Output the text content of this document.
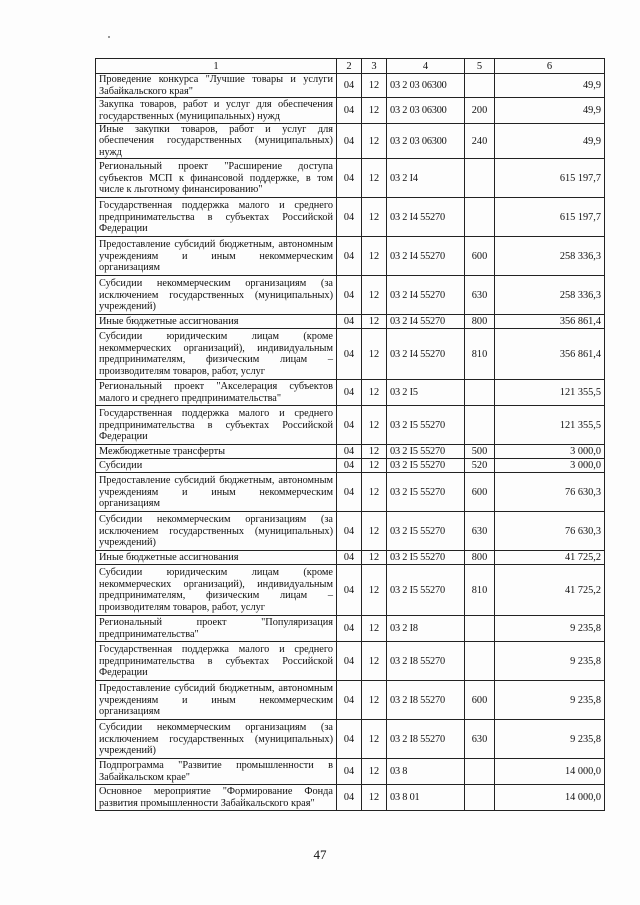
1	2	3	4	5	6
Проведение конкурса "Лучшие товары и услуги Забайкальского края"	04	12	03 2 03 06300		49,9
Закупка товаров, работ и услуг для обеспечения государственных (муниципальных) нужд	04	12	03 2 03 06300	200	49,9
Иные закупки товаров, работ и услуг для обеспечения государственных (муниципальных) нужд	04	12	03 2 03 06300	240	49,9
Региональный проект "Расширение доступа субъектов МСП к финансовой поддержке, в том числе к льготному финансированию"	04	12	03 2 I4		615 197,7
Государственная поддержка малого и среднего предпринимательства в субъектах Российской Федерации	04	12	03 2 I4 55270		615 197,7
Предоставление субсидий бюджетным, автономным учреждениям и иным некоммерческим организациям	04	12	03 2 I4 55270	600	258 336,3
Субсидии некоммерческим организациям (за исключением государственных (муниципальных) учреждений)	04	12	03 2 I4 55270	630	258 336,3
Иные бюджетные ассигнования	04	12	03 2 I4 55270	800	356 861,4
Субсидии юридическим лицам (кроме некоммерческих организаций), индивидуальным предпринимателям, физическим лицам – производителям товаров, работ, услуг	04	12	03 2 I4 55270	810	356 861,4
Региональный проект "Акселерация субъектов малого и среднего предпринимательства"	04	12	03 2 I5		121 355,5
Государственная поддержка малого и среднего предпринимательства в субъектах Российской Федерации	04	12	03 2 I5 55270		121 355,5
Межбюджетные трансферты	04	12	03 2 I5 55270	500	3 000,0
Субсидии	04	12	03 2 I5 55270	520	3 000,0
Предоставление субсидий бюджетным, автономным учреждениям и иным некоммерческим организациям	04	12	03 2 I5 55270	600	76 630,3
Субсидии некоммерческим организациям (за исключением государственных (муниципальных) учреждений)	04	12	03 2 I5 55270	630	76 630,3
Иные бюджетные ассигнования	04	12	03 2 I5 55270	800	41 725,2
Субсидии юридическим лицам (кроме некоммерческих организаций), индивидуальным предпринимателям, физическим лицам – производителям товаров, работ, услуг	04	12	03 2 I5 55270	810	41 725,2
Региональный проект "Популяризация предпринимательства"	04	12	03 2 I8		9 235,8
Государственная поддержка малого и среднего предпринимательства в субъектах Российской Федерации	04	12	03 2 I8 55270		9 235,8
Предоставление субсидий бюджетным, автономным учреждениям и иным некоммерческим организациям	04	12	03 2 I8 55270	600	9 235,8
Субсидии некоммерческим организациям (за исключением государственных (муниципальных) учреждений)	04	12	03 2 I8 55270	630	9 235,8
Подпрограмма "Развитие промышленности в Забайкальском крае"	04	12	03 8		14 000,0
Основное мероприятие "Формирование Фонда развития промышленности Забайкальского края"	04	12	03 8 01		14 000,0
47
